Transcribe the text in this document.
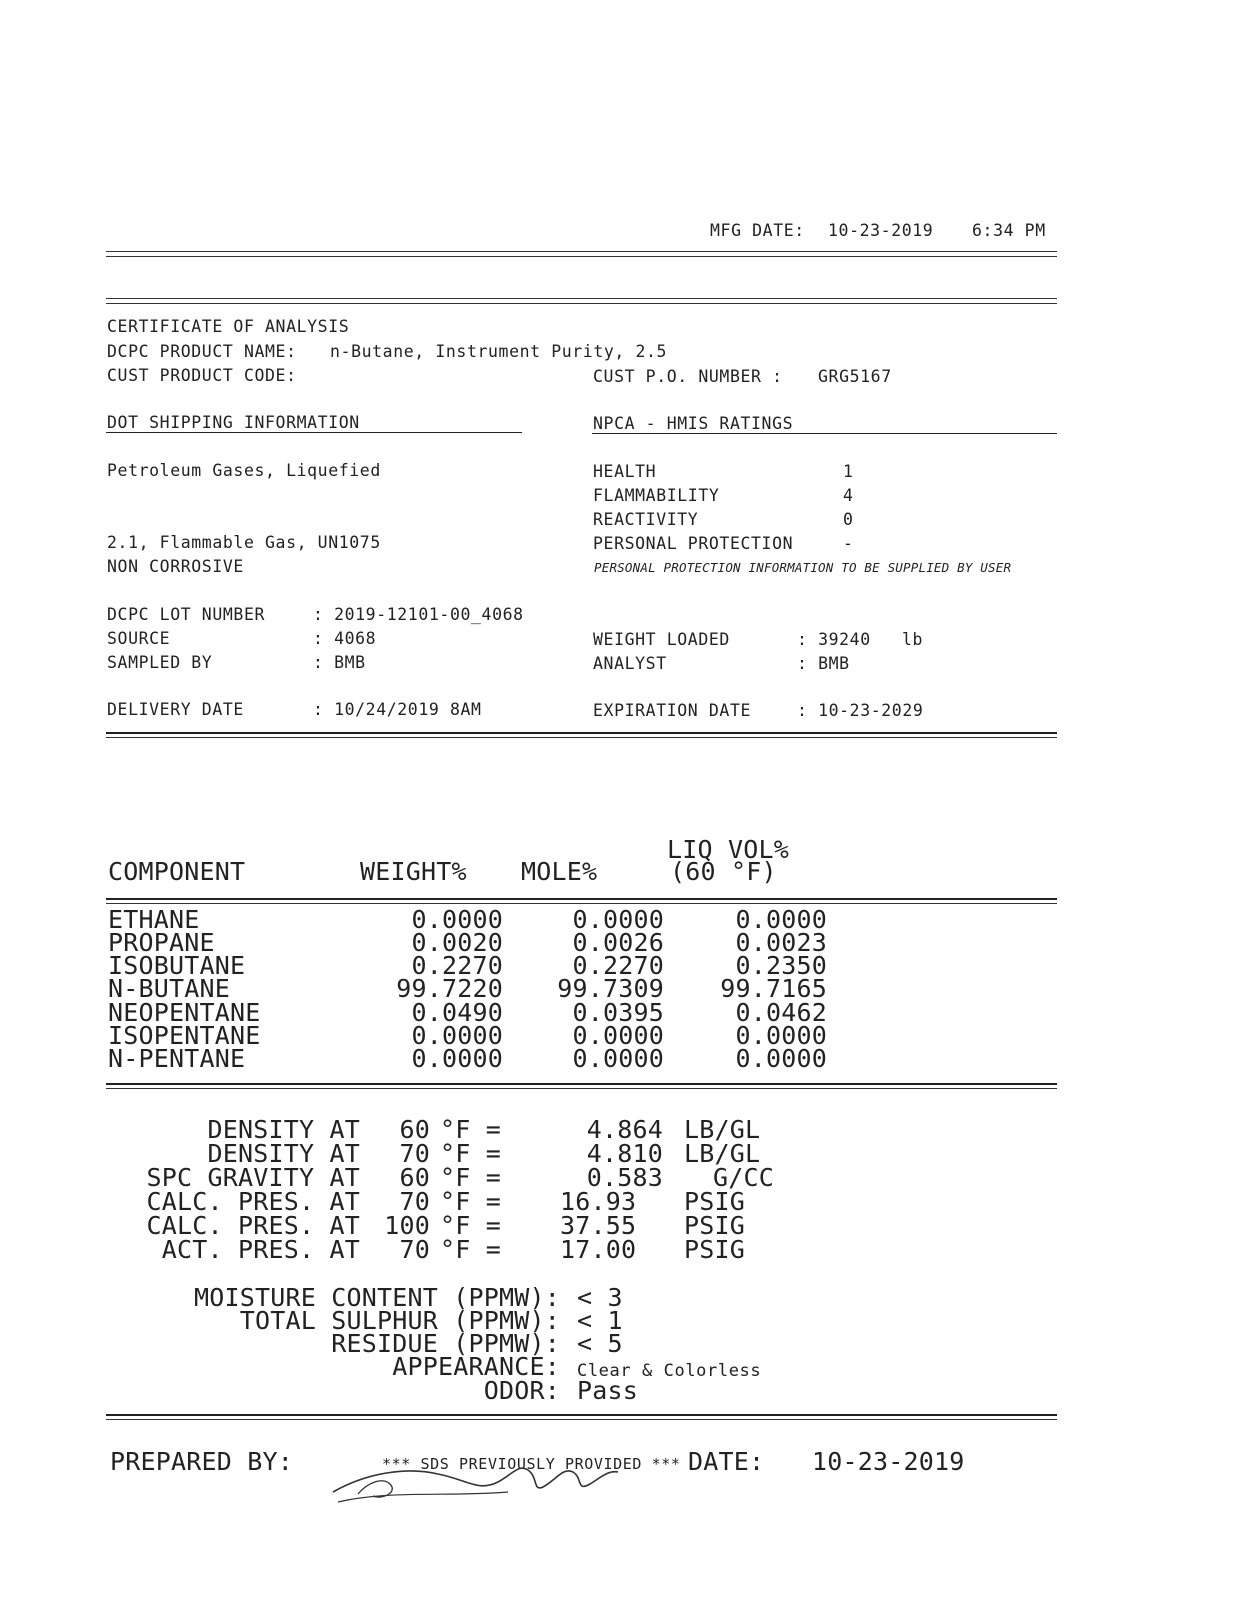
MFG DATE: 10-23-2019 6:34 PM
CERTIFICATE OF ANALYSIS
DCPC PRODUCT NAME: n-Butane, Instrument Purity, 2.5
CUST PRODUCT CODE:	CUST P.O. NUMBER : GRG5167
DOT SHIPPING INFORMATION
Petroleum Gases, Liquefied
2.1, Flammable Gas, UN1075
NON CORROSIVE
NPCA - HMIS RATINGS
HEALTH	1
FLAMMABILITY	4
REACTIVITY	0
PERSONAL PROTECTION	-
PERSONAL PROTECTION INFORMATION TO BE SUPPLIED BY USER
DCPC LOT NUMBER	: 2019-12101-00_4068
SOURCE	: 4068
SAMPLED BY	: BMB
WEIGHT LOADED	: 39240 lb
ANALYST	: BMB
DELIVERY DATE	: 10/24/2019 8AM	EXPIRATION DATE	: 10-23-2029
COMPONENT	WEIGHT% MOLE%
LIQ VOL%
(60 °F)
ETHANE	0.0000	0.0000	0.0000
PROPANE	0.0020	0.0026	0.0023
ISOBUTANE	0.2270	0.2270	0.2350
N-BUTANE	99.7220	99.7309	99.7165
NEOPENTANE	0.0490	0.0395	0.0462
ISOPENTANE	0.0000	0.0000	0.0000
N-PENTANE	0.0000	0.0000	0.0000
DENSITY AT	60 °F =	4.864 LB/GL
DENSITY AT	70 °F =	4.810 LB/GL
SPC GRAVITY AT	60 °F =	0.583	G/CC
CALC. PRES. AT	70 °F = 16.93 PSIG
CALC. PRES. AT 100 °F = 37.55 PSIG
ACT. PRES. AT	70 °F = 17.00 PSIG
MOISTURE CONTENT (PPMW): < 3
TOTAL SULPHUR (PPMW): < 1
RESIDUE (PPMW): < 5
APPEARANCE: Clear & Colorless
ODOR: Pass
PREPARED BY:	*** SDS PREVIOUSLY PROVIDED *** DATE: 10-23-2019
